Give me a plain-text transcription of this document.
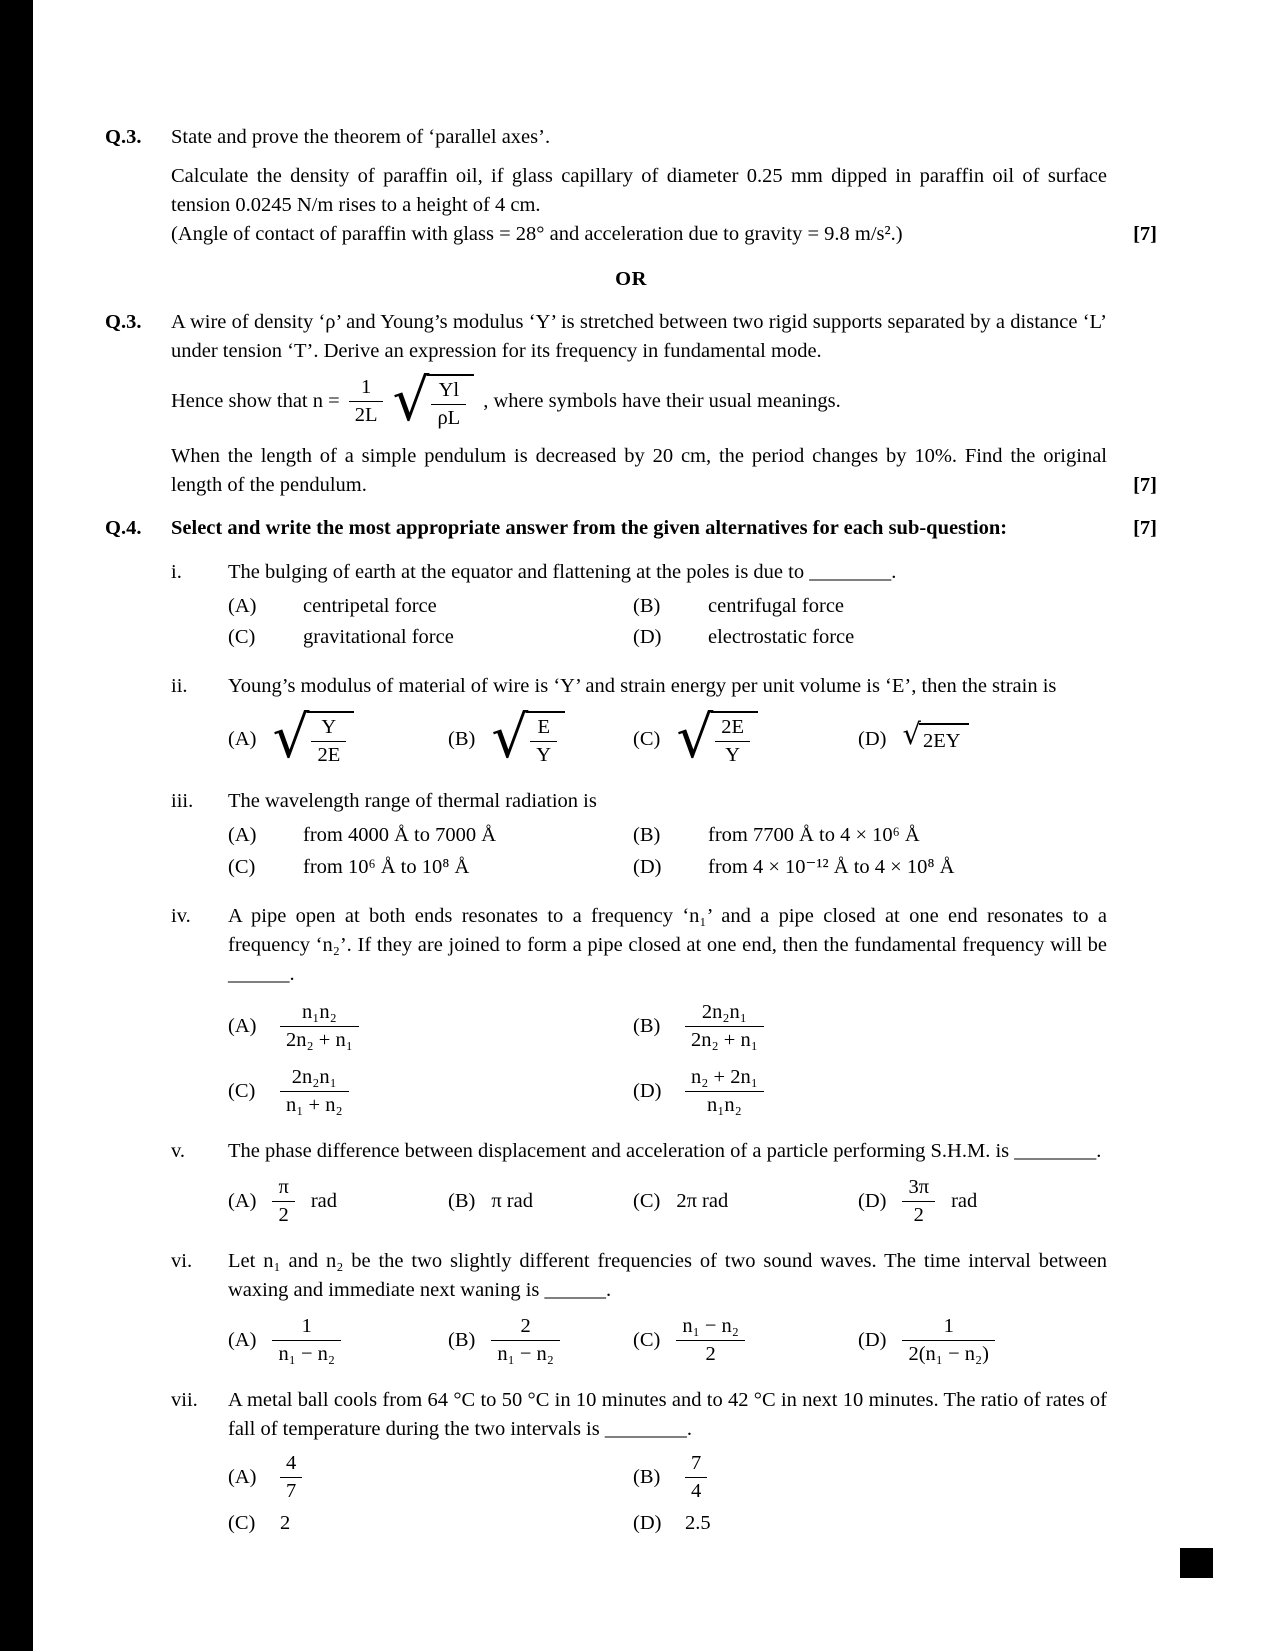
Q.3.	State and prove the theorem of ‘parallel axes’.

Calculate the density of paraffin oil, if glass capillary of diameter 0.25 mm dipped in paraffin oil of surface tension 0.0245 N/m rises to a height of 4 cm.

(Angle of contact of paraffin with glass = 28° and acceleration due to gravity = 9.8 m/s².)	[7]
OR
Q.3.	A wire of density ‘ρ’ and Young’s modulus ‘Y’ is stretched between two rigid supports separated by a distance ‘L’ under tension ‘T’. Derive an expression for its frequency in fundamental mode.

Hence show that $n = \frac{1}{2L}$ √ $\frac{Yl}{\rho L}$ , where symbols have their usual meanings.

When the length of a simple pendulum is decreased by 20 cm, the period changes by 10%. Find the original length of the pendulum.	[7]
Q.4.	Select and write the most appropriate answer from the given alternatives for each sub-question:	[7]
i.	The bulging of earth at the equator and flattening at the poles is due to ________.

(A)	centripetal force	(B)	centrifugal force
(C)	gravitational force	(D)	electrostatic force
ii.	Young’s modulus of material of wire is ‘Y’ and strain energy per unit volume is ‘E’, then the strain is

(A) √ $\frac{Y}{2E}$	(B) √ $\frac{E}{Y}$	(C) √ $\frac{2E}{Y}$	(D) √ 2EY
iii.	The wavelength range of thermal radiation is

(A)	from 4000 Å to 7000 Å	(B)	from 7700 Å to 4 × 10⁶ Å
(C)	from 10⁶ Å to 10⁸ Å	(D)	from 4 × 10⁻¹² Å to 4 × 10⁸ Å
iv.	A pipe open at both ends resonates to a frequency ‘n₁’ and a pipe closed at one end resonates to a frequency ‘n₂’. If they are joined to form a pipe closed at one end, then the fundamental frequency will be ______.

(A)	$\frac{\text{n₁n₂}}{\text{2n₂ + n₁}}$	(B)	$\frac{\text{2n₂n₁}}{\text{2n₂ + n₁}}$
(C)	$\frac{\text{2n₂n₁}}{\text{n₁ + n₂}}$	(D)	$\frac{\text{n₂ + 2n₁}}{\text{n₁n₂}}$
v.	The phase difference between displacement and acceleration of a particle performing S.H.M. is ________.

$(A) \frac{\pi}{2}$ rad	(B) π rad	(C) 2π rad	$(D) \frac{3\pi}{2}$ rad
vi.	Let n₁ and n₂ be the two slightly different frequencies of two sound waves. The time interval between waxing and immediate next waning is ______.

$(A) \frac{1}{\text{n₁ − n₂}}$	$(B) \frac{2}{\text{n₁ − n₂}}$	$(C) \frac{\text{n₁ − n₂}}{2}$	$(D) \frac{1}{\text{2(n₁ − n₂)}}$
vii.	A metal ball cools from 64 °C to 50 °C in 10 minutes and to 42 °C in next 10 minutes. The ratio of rates of fall of temperature during the two intervals is ________.

(A)	$\frac{4}{7}$	(B)	$\frac{7}{4}$
(C)	2	(D)	2.5
